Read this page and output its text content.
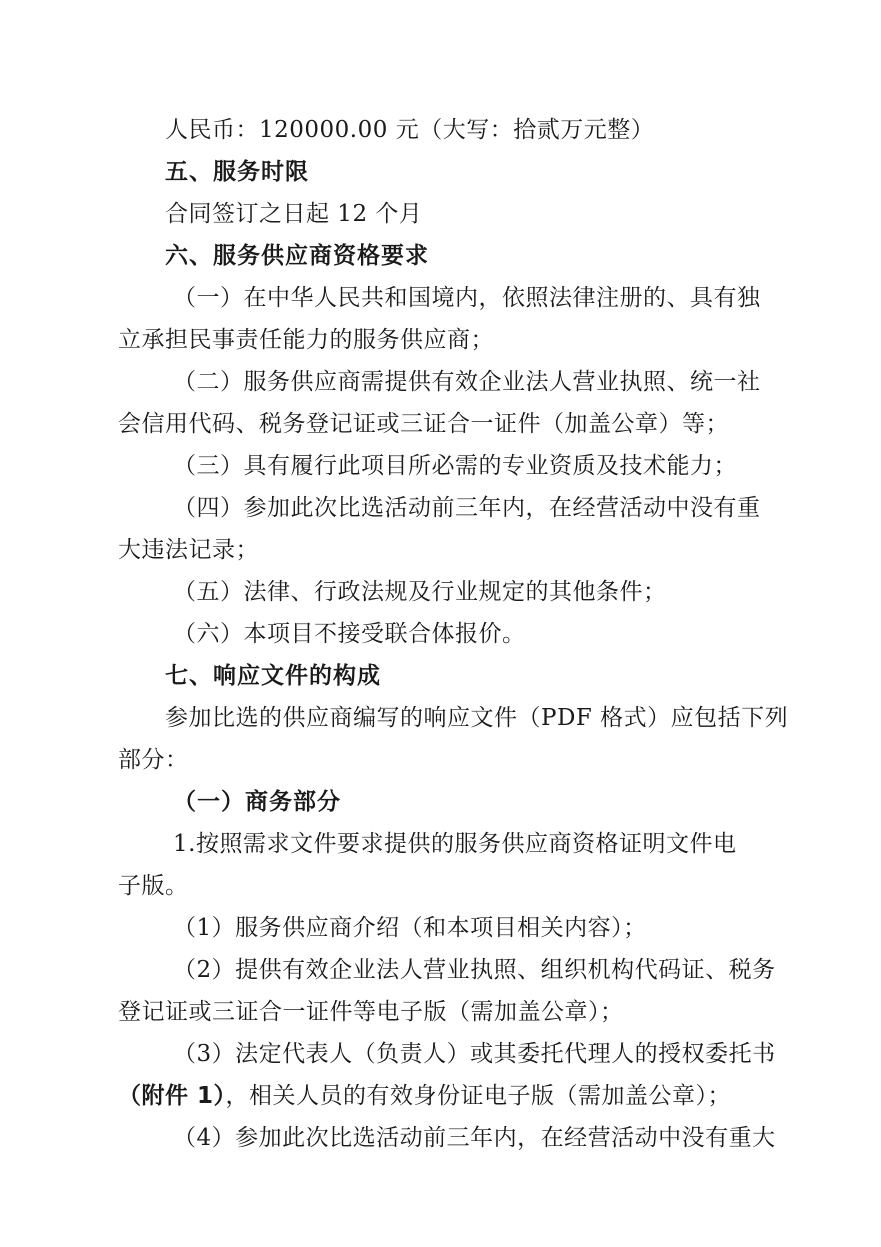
人民币：120000.00 元（大写：拾贰万元整）
五、服务时限
合同签订之日起 12 个月
六、服务供应商资格要求
（一）在中华人民共和国境内，依照法律注册的、具有独
立承担民事责任能力的服务供应商；
（二）服务供应商需提供有效企业法人营业执照、统一社
会信用代码、税务登记证或三证合一证件（加盖公章）等；
（三）具有履行此项目所必需的专业资质及技术能力；
（四）参加此次比选活动前三年内，在经营活动中没有重
大违法记录；
（五）法律、行政法规及行业规定的其他条件；
（六）本项目不接受联合体报价。
七、响应文件的构成
参加比选的供应商编写的响应文件（PDF 格式）应包括下列
部分：
（一）商务部分
1.按照需求文件要求提供的服务供应商资格证明文件电
子版。
（1）服务供应商介绍（和本项目相关内容）；
（2）提供有效企业法人营业执照、组织机构代码证、税务
登记证或三证合一证件等电子版（需加盖公章）；
（3）法定代表人（负责人）或其委托代理人的授权委托书
（附件 1），相关人员的有效身份证电子版（需加盖公章）；
（4）参加此次比选活动前三年内，在经营活动中没有重大
